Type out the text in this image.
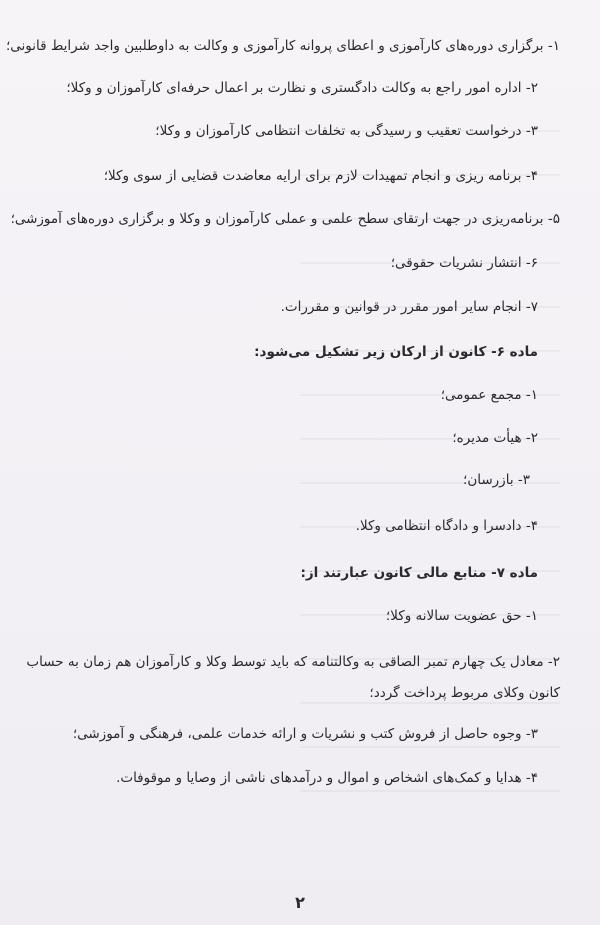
۱- برگزاری دوره‌های کارآموزی و اعطای پروانه کارآموزی و وکالت به داوطلبین واجد شرایط قانونی؛
۲- اداره امور راجع به وکالت دادگستری و نظارت بر اعمال حرفه‌ای کارآموزان و وکلا؛
۳- درخواست تعقیب و رسیدگی به تخلفات انتظامی کارآموزان و وکلا؛
۴- برنامه ریزی و انجام تمهیدات لازم برای ارایه معاضدت قضایی از سوی وکلا؛
۵- برنامه‌ریزی در جهت ارتقای سطح علمی و عملی کارآموزان و وکلا و برگزاری دوره‌های آموزشی؛
۶- انتشار نشریات حقوقی؛
۷- انجام سایر امور مقرر در قوانین و مقررات.
ماده ۶- کانون از ارکان زیر تشکیل می‌شود:
۱- مجمع عمومی؛
۲- هیأت مدیره؛
۳- بازرسان؛
۴- دادسرا و دادگاه انتظامی وکلا.
ماده ۷- منابع مالی کانون عبارتند از:
۱- حق عضویت سالانه وکلا؛
۲- معادل یک چهارم تمبر الصاقی به وکالتنامه که باید توسط وکلا و کارآموزان هم زمان به حساب
کانون وکلای مربوط پرداخت گردد؛
۳- وجوه حاصل از فروش کتب و نشریات و ارائه خدمات علمی، فرهنگی و آموزشی؛
۴- هدایا و کمک‌های اشخاص و اموال و درآمدهای ناشی از وصایا و موقوفات.
۲
